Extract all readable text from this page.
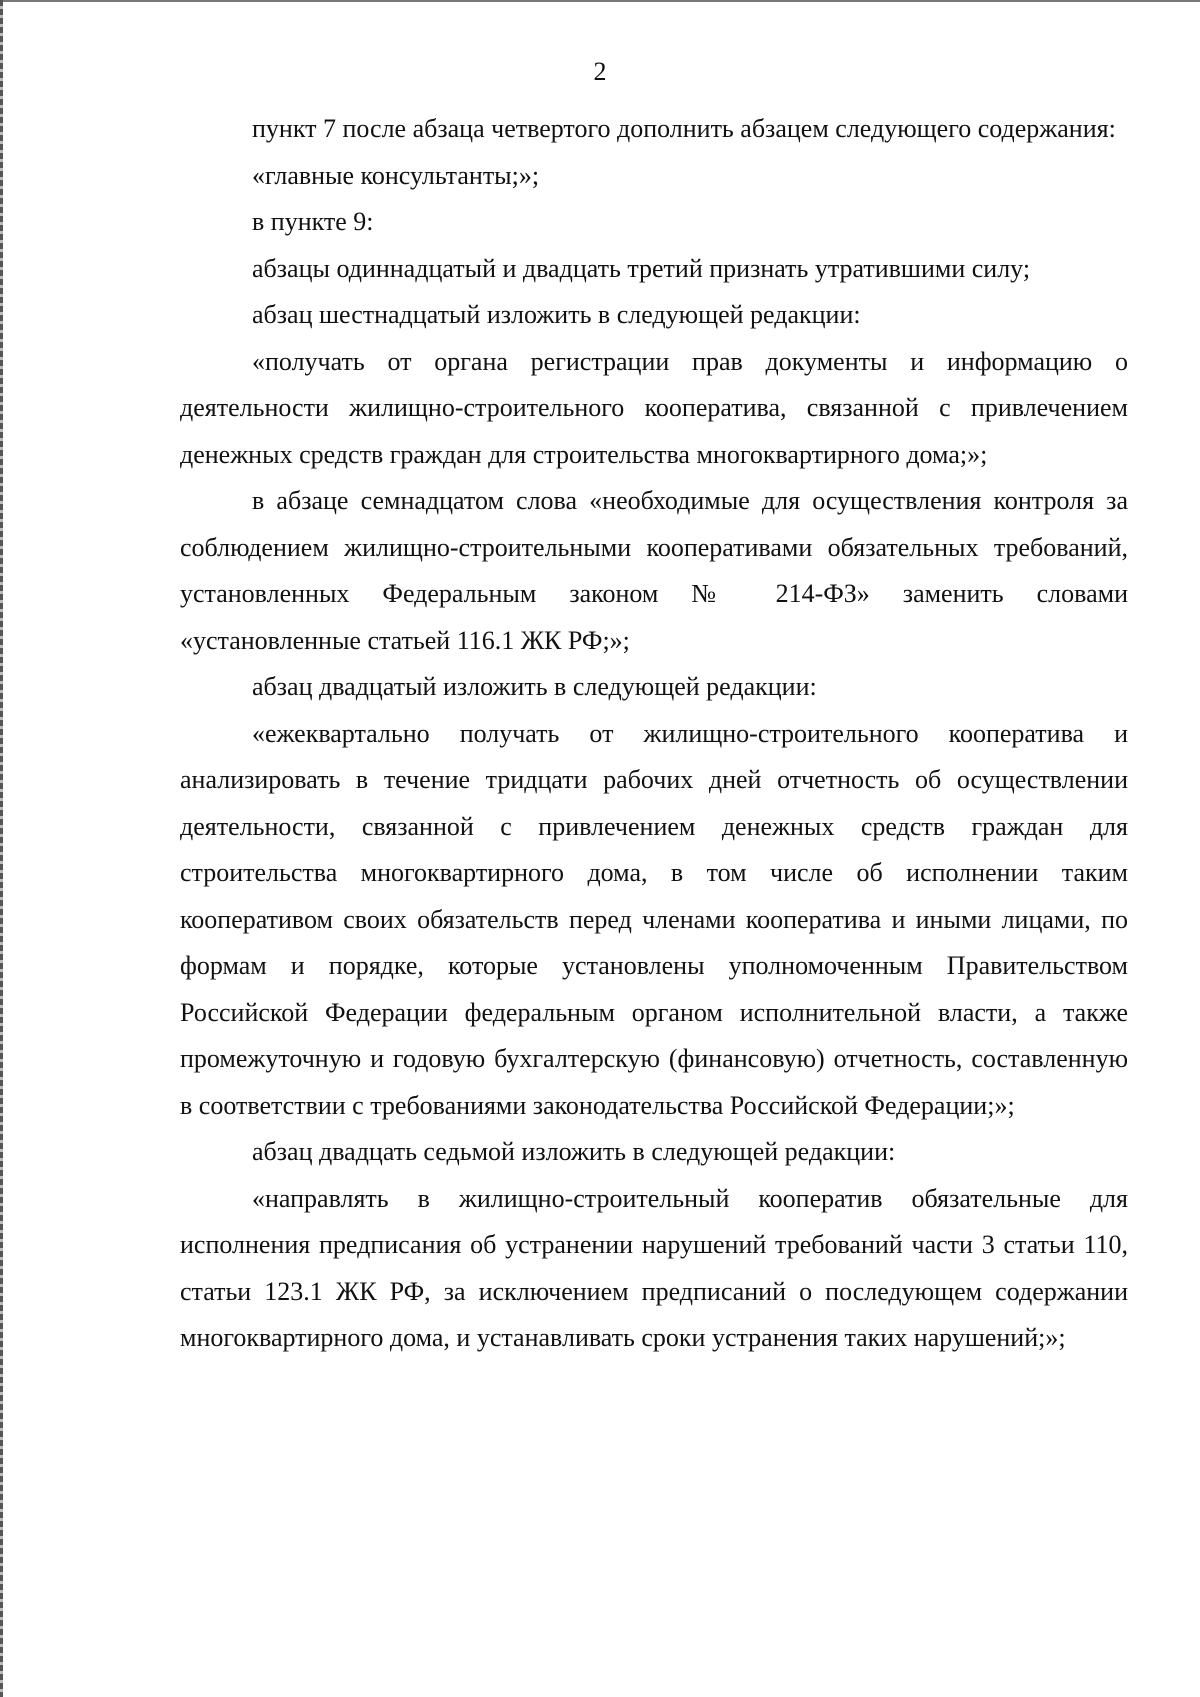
2

пункт 7 после абзаца четвертого дополнить абзацем следующего содержания:

«главные консультанты;»;

в пункте 9:

абзацы одиннадцатый и двадцать третий признать утратившими силу;

абзац шестнадцатый изложить в следующей редакции:

«получать от органа регистрации прав документы и информацию о деятельности жилищно-строительного кооператива, связанной с привлечением денежных средств граждан для строительства многоквартирного дома;»;

в абзаце семнадцатом слова «необходимые для осуществления контроля за соблюдением жилищно-строительными кооперативами обязательных требований, установленных Федеральным законом № 214-ФЗ» заменить словами «установленные статьей 116.1 ЖК РФ;»;

абзац двадцатый изложить в следующей редакции:

«ежеквартально получать от жилищно-строительного кооператива и анализировать в течение тридцати рабочих дней отчетность об осуществлении деятельности, связанной с привлечением денежных средств граждан для строительства многоквартирного дома, в том числе об исполнении таким кооперативом своих обязательств перед членами кооператива и иными лицами, по формам и порядке, которые установлены уполномоченным Правительством Российской Федерации федеральным органом исполнительной власти, а также промежуточную и годовую бухгалтерскую (финансовую) отчетность, составленную в соответствии с требованиями законодательства Российской Федерации;»;

абзац двадцать седьмой изложить в следующей редакции:

«направлять в жилищно-строительный кооператив обязательные для исполнения предписания об устранении нарушений требований части 3 статьи 110, статьи 123.1 ЖК РФ, за исключением предписаний о последующем содержании многоквартирного дома, и устанавливать сроки устранения таких нарушений;»;
